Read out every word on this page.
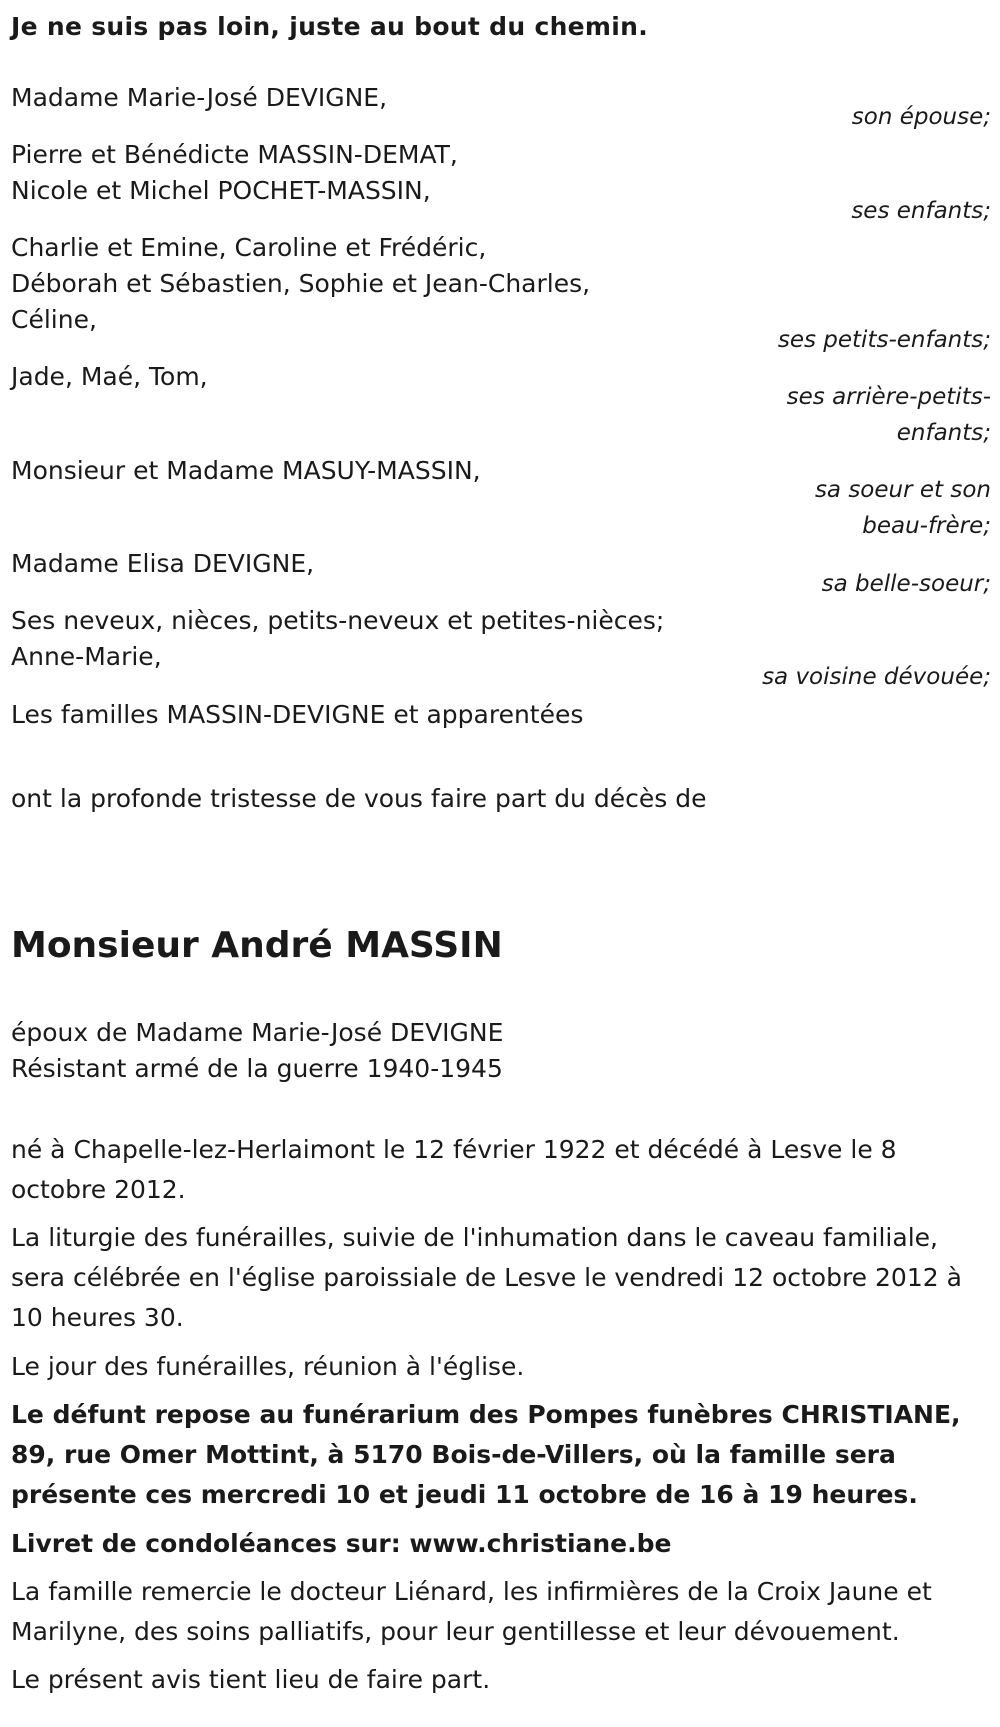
Je ne suis pas loin, juste au bout du chemin.
Madame Marie-José DEVIGNE,
son épouse;
Pierre et Bénédicte MASSIN-DEMAT,
Nicole et Michel POCHET-MASSIN,
ses enfants;
Charlie et Emine, Caroline et Frédéric,
Déborah et Sébastien, Sophie et Jean-Charles,
Céline,
ses petits-enfants;
Jade, Maé, Tom,
ses arrière-petits-
enfants;
Monsieur et Madame MASUY-MASSIN,
sa soeur et son
beau-frère;
Madame Elisa DEVIGNE,
sa belle-soeur;
Ses neveux, nièces, petits-neveux et petites-nièces;
Anne-Marie,
sa voisine dévouée;
Les familles MASSIN-DEVIGNE et apparentées
ont la profonde tristesse de vous faire part du décès de
Monsieur André MASSIN
époux de Madame Marie-José DEVIGNE
Résistant armé de la guerre 1940-1945
né à Chapelle-lez-Herlaimont le 12 février 1922 et décédé à Lesve le 8 octobre 2012.
La liturgie des funérailles, suivie de l'inhumation dans le caveau familiale, sera célébrée en l'église paroissiale de Lesve le vendredi 12 octobre 2012 à 10 heures 30.
Le jour des funérailles, réunion à l'église.
Le défunt repose au funérarium des Pompes funèbres CHRISTIANE, 89, rue Omer Mottint, à 5170 Bois-de-Villers, où la famille sera présente ces mercredi 10 et jeudi 11 octobre de 16 à 19 heures.
Livret de condoléances sur: www.christiane.be
La famille remercie le docteur Liénard, les infirmières de la Croix Jaune et Marilyne, des soins palliatifs, pour leur gentillesse et leur dévouement.
Le présent avis tient lieu de faire part.
